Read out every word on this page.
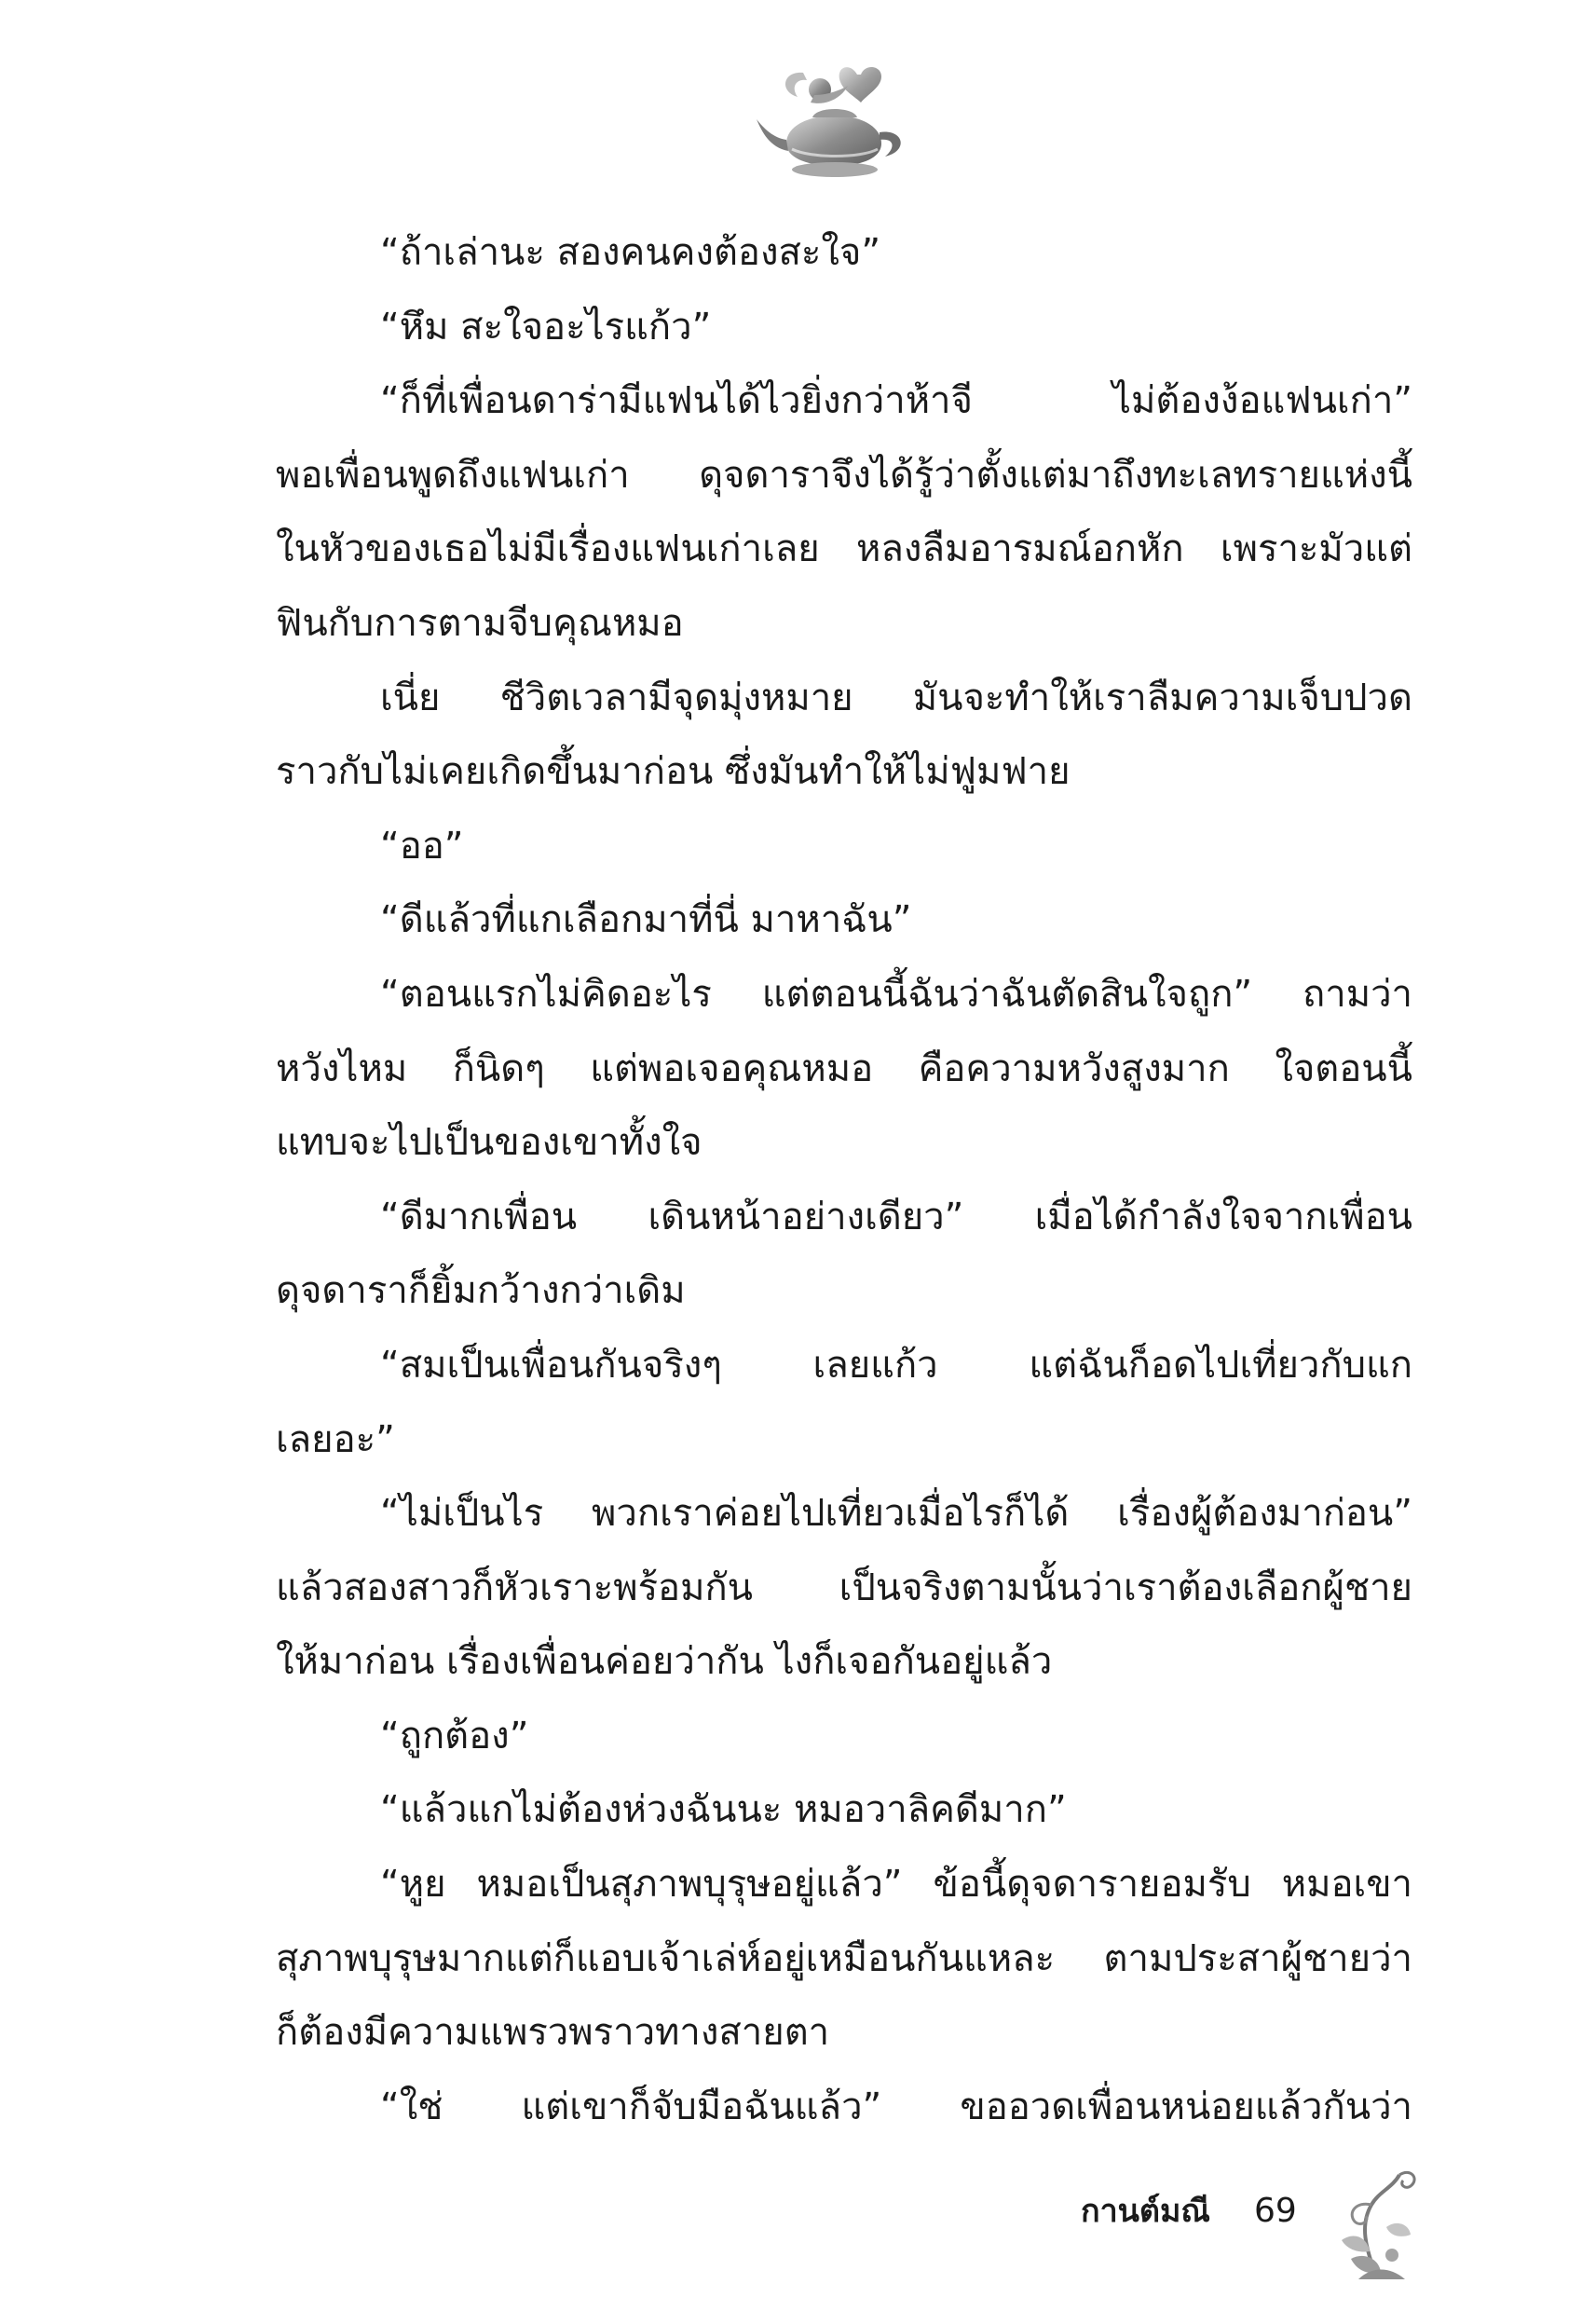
“ถ้าเล่านะ สองคนคงต้องสะใจ”
“หึม สะใจอะไรแก้ว”
“ก็ที่เพื่อนดาร่ามีแฟนได้ไวยิ่งกว่าห้าจี ไม่ต้องง้อแฟนเก่า”
พอเพื่อนพูดถึงแฟนเก่า ดุจดาราจึงได้รู้ว่าตั้งแต่มาถึงทะเลทรายแห่งนี้
ในหัวของเธอไม่มีเรื่องแฟนเก่าเลย หลงลืมอารมณ์อกหัก เพราะมัวแต่
ฟินกับการตามจีบคุณหมอ
เนี่ย ชีวิตเวลามีจุดมุ่งหมาย มันจะทำให้เราลืมความเจ็บปวด
ราวกับไม่เคยเกิดขึ้นมาก่อน ซึ่งมันทำให้ไม่ฟูมฟาย
“ออ”
“ดีแล้วที่แกเลือกมาที่นี่ มาหาฉัน”
“ตอนแรกไม่คิดอะไร แต่ตอนนี้ฉันว่าฉันตัดสินใจถูก” ถามว่า
หวังไหม ก็นิดๆ แต่พอเจอคุณหมอ คือความหวังสูงมาก ใจตอนนี้
แทบจะไปเป็นของเขาทั้งใจ
“ดีมากเพื่อน เดินหน้าอย่างเดียว” เมื่อได้กำลังใจจากเพื่อน
ดุจดาราก็ยิ้มกว้างกว่าเดิม
“สมเป็นเพื่อนกันจริงๆ เลยแก้ว แต่ฉันก็อดไปเที่ยวกับแก
เลยอะ”
“ไม่เป็นไร พวกเราค่อยไปเที่ยวเมื่อไรก็ได้ เรื่องผู้ต้องมาก่อน”
แล้วสองสาวก็หัวเราะพร้อมกัน เป็นจริงตามนั้นว่าเราต้องเลือกผู้ชาย
ให้มาก่อน เรื่องเพื่อนค่อยว่ากัน ไงก็เจอกันอยู่แล้ว
“ถูกต้อง”
“แล้วแกไม่ต้องห่วงฉันนะ หมอวาลิคดีมาก”
“หูย หมอเป็นสุภาพบุรุษอยู่แล้ว” ข้อนี้ดุจดารายอมรับ หมอเขา
สุภาพบุรุษมากแต่ก็แอบเจ้าเล่ห์อยู่เหมือนกันแหละ ตามประสาผู้ชายว่า
ก็ต้องมีความแพรวพราวทางสายตา
“ใช่ แต่เขาก็จับมือฉันแล้ว” ขออวดเพื่อนหน่อยแล้วกันว่า
กานต์มณี 69
